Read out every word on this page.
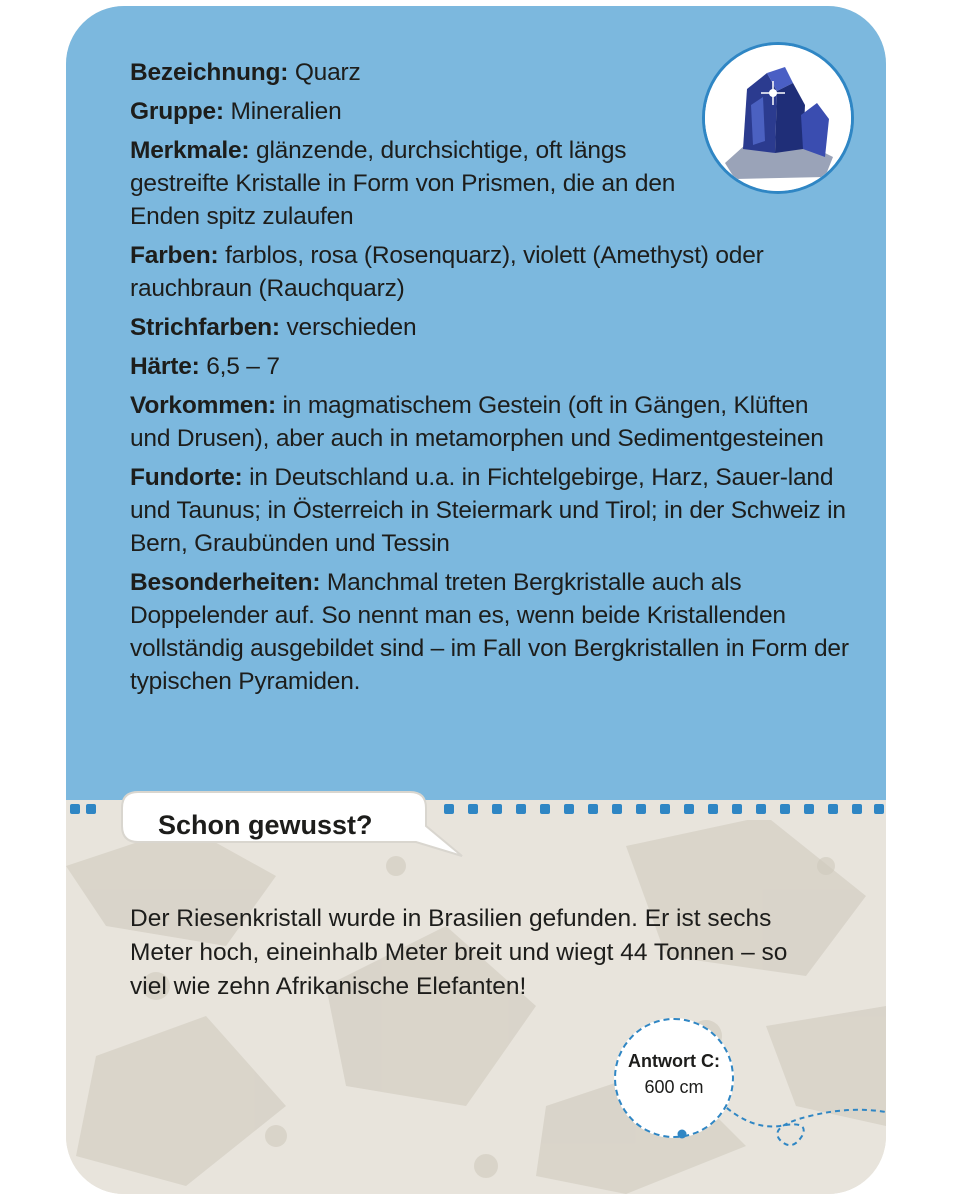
Bezeichnung: Quarz
Gruppe: Mineralien
Merkmale: glänzende, durchsichtige, oft längs gestreifte Kristalle in Form von Prismen, die an den Enden spitz zulaufen
Farben: farblos, rosa (Rosenquarz), violett (Amethyst) oder rauchbraun (Rauchquarz)
Strichfarben: verschieden
Härte: 6,5 – 7
Vorkommen: in magmatischem Gestein (oft in Gängen, Klüften und Drusen), aber auch in metamorphen und Sedimentgesteinen
Fundorte: in Deutschland u.a. in Fichtelgebirge, Harz, Sauer-land und Taunus; in Österreich in Steiermark und Tirol; in der Schweiz in Bern, Graubünden und Tessin
Besonderheiten: Manchmal treten Bergkristalle auch als Doppelender auf. So nennt man es, wenn beide Kristallenden vollständig ausgebildet sind – im Fall von Bergkristallen in Form der typischen Pyramiden.
Schon gewusst?
Der Riesenkristall wurde in Brasilien gefunden. Er ist sechs Meter hoch, eineinhalb Meter breit und wiegt 44 Tonnen – so viel wie zehn Afrikanische Elefanten!
Antwort C:
600 cm
